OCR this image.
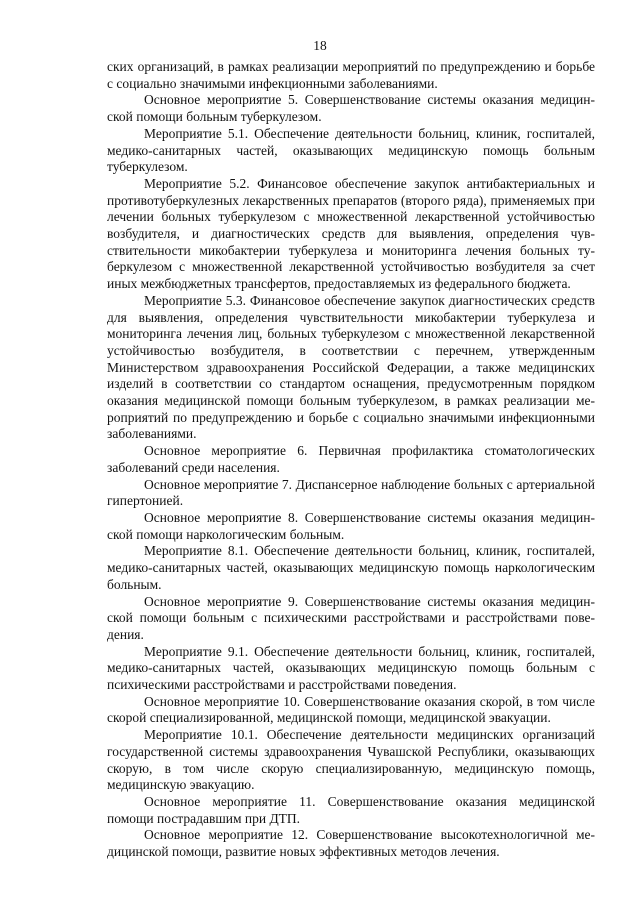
18

ских организаций, в рамках реализации мероприятий по предупреждению и борьбе с социально значимыми инфекционными заболеваниями.

Основное мероприятие 5. Совершенствование системы оказания медицинской помощи больным туберкулезом.

Мероприятие 5.1. Обеспечение деятельности больниц, клиник, госпиталей, медико-санитарных частей, оказывающих медицинскую помощь больным туберкулезом.

Мероприятие 5.2. Финансовое обеспечение закупок антибактериальных и противотуберкулезных лекарственных препаратов (второго ряда), применяемых при лечении больных туберкулезом с множественной лекарственной устойчивостью возбудителя, и диагностических средств для выявления, определения чувствительности микобактерии туберкулеза и мониторинга лечения больных туберкулезом с множественной лекарственной устойчивостью возбудителя за счет иных межбюджетных трансфертов, предоставляемых из федерального бюджета.

Мероприятие 5.3. Финансовое обеспечение закупок диагностических средств для выявления, определения чувствительности микобактерии туберкулеза и мониторинга лечения лиц, больных туберкулезом с множественной лекарственной устойчивостью возбудителя, в соответствии с перечнем, утвержденным Министерством здравоохранения Российской Федерации, а также медицинских изделий в соответствии со стандартом оснащения, предусмотренным порядком оказания медицинской помощи больным туберкулезом, в рамках реализации мероприятий по предупреждению и борьбе с социально значимыми инфекционными заболеваниями.

Основное мероприятие 6. Первичная профилактика стоматологических заболеваний среди населения.

Основное мероприятие 7. Диспансерное наблюдение больных с артериальной гипертонией.

Основное мероприятие 8. Совершенствование системы оказания медицинской помощи наркологическим больным.

Мероприятие 8.1. Обеспечение деятельности больниц, клиник, госпиталей, медико-санитарных частей, оказывающих медицинскую помощь наркологическим больным.

Основное мероприятие 9. Совершенствование системы оказания медицинской помощи больным с психическими расстройствами и расстройствами поведения.

Мероприятие 9.1. Обеспечение деятельности больниц, клиник, госпиталей, медико-санитарных частей, оказывающих медицинскую помощь больным с психическими расстройствами и расстройствами поведения.

Основное мероприятие 10. Совершенствование оказания скорой, в том числе скорой специализированной, медицинской помощи, медицинской эвакуации.

Мероприятие 10.1. Обеспечение деятельности медицинских организаций государственной системы здравоохранения Чувашской Республики, оказывающих скорую, в том числе скорую специализированную, медицинскую помощь, медицинскую эвакуацию.

Основное мероприятие 11. Совершенствование оказания медицинской помощи пострадавшим при ДТП.

Основное мероприятие 12. Совершенствование высокотехнологичной медицинской помощи, развитие новых эффективных методов лечения.
